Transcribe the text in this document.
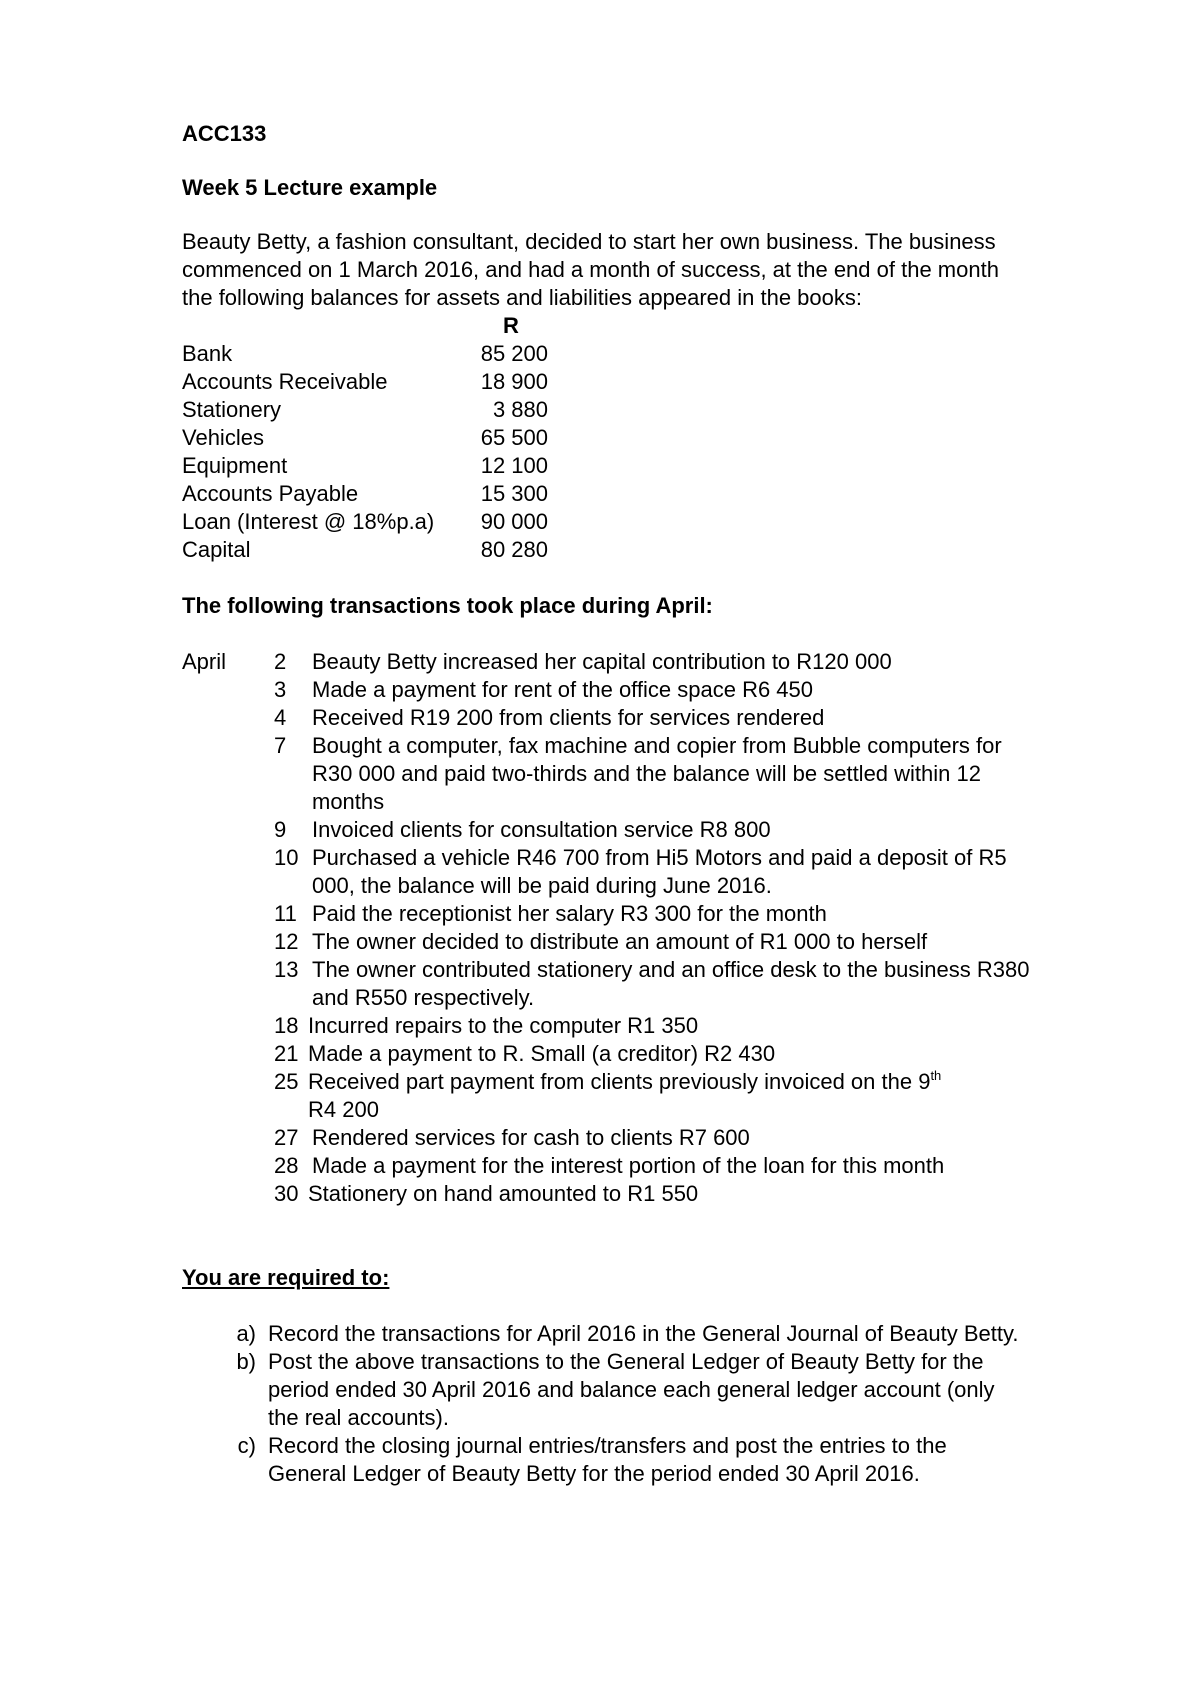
ACC133

Week 5 Lecture example

Beauty Betty, a fashion consultant, decided to start her own business. The business commenced on 1 March 2016, and had a month of success, at the end of the month the following balances for assets and liabilities appeared in the books:

	R
Bank	85 200
Accounts Receivable	18 900
Stationery	3 880
Vehicles	65 500
Equipment	12 100
Accounts Payable	15 300
Loan (Interest @ 18%p.a)	90 000
Capital	80 280

The following transactions took place during April:

April	2	Beauty Betty increased her capital contribution to R120 000
	3	Made a payment for rent of the office space R6 450
	4	Received R19 200 from clients for services rendered
	7	Bought a computer, fax machine and copier from Bubble computers for R30 000 and paid two-thirds and the balance will be settled within 12 months
	9	Invoiced clients for consultation service R8 800
	10	Purchased a vehicle R46 700 from Hi5 Motors and paid a deposit of R5 000, the balance will be paid during June 2016.
	11	Paid the receptionist her salary R3 300 for the month
	12	The owner decided to distribute an amount of R1 000 to herself
	13	The owner contributed stationery and an office desk to the business R380 and R550 respectively.
	18	Incurred repairs to the computer R1 350
	21	Made a payment to R. Small (a creditor) R2 430
	25	Received part payment from clients previously invoiced on the 9th
R4 200
	27	Rendered services for cash to clients R7 600
	28	Made a payment for the interest portion of the loan for this month
	30	Stationery on hand amounted to R1 550

You are required to:

a)	Record the transactions for April 2016 in the General Journal of Beauty Betty.
b)	Post the above transactions to the General Ledger of Beauty Betty for the period ended 30 April 2016 and balance each general ledger account (only the real accounts).
c)	Record the closing journal entries/transfers and post the entries to the General Ledger of Beauty Betty for the period ended 30 April 2016.
